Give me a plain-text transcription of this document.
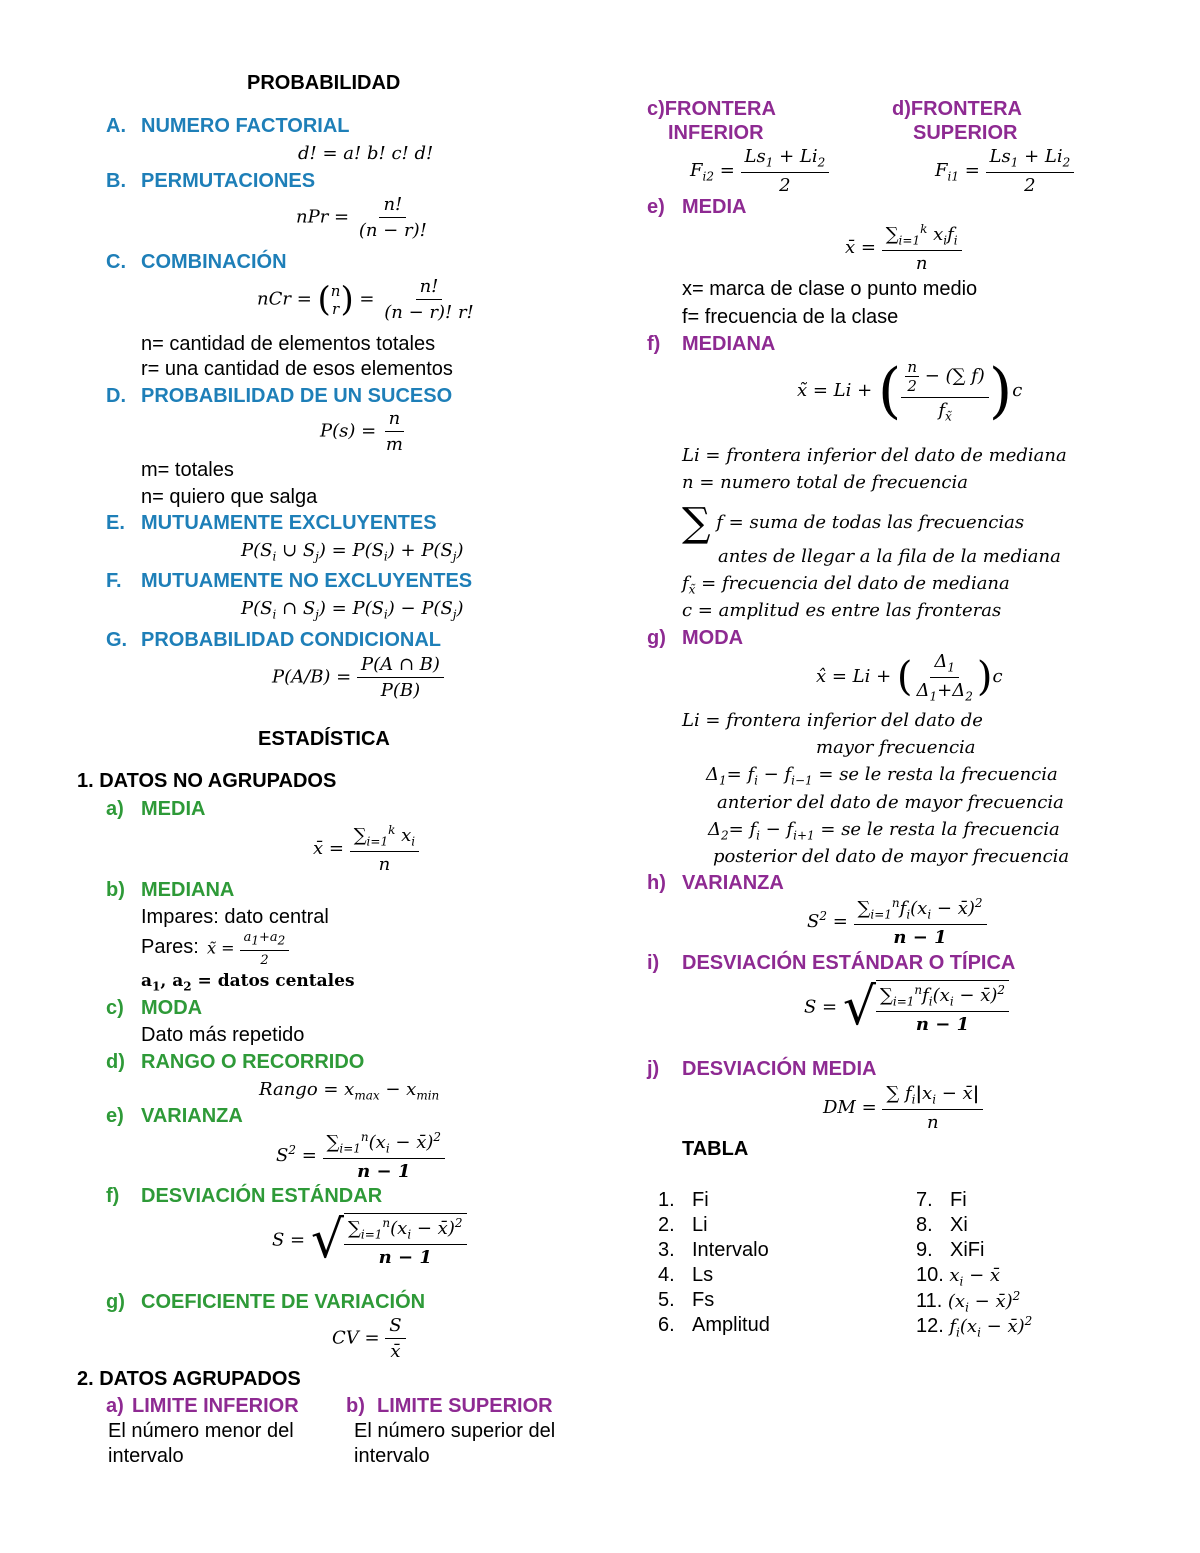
PROBABILIDAD
A. NUMERO FACTORIAL
d! = a! b! c! d!
B. PERMUTACIONES
nPr = $\frac{n!}{(n - r)!}$
C. COMBINACIÓN
nCr = ( n
r ) = $\frac{n!}{(n - r)! r!}$
n= cantidad de elementos totales
r= una cantidad de esos elementos
D. PROBABILIDAD DE UN SUCESO
$P(s) = \frac{n}{m}$
m= totales
n= quiero que salga
E. MUTUAMENTE EXCLUYENTES
$P(S_i$ ∪ $S_j) = P(S_i) + P(S_j)$
F. MUTUAMENTE NO EXCLUYENTES
$P(S_i$ ∩ $S_j) = P(S_i) - P(S_j)$
G. PROBABILIDAD CONDICIONAL
$P(A/B) = \frac{P(A \cap B)}{P(B)}$
ESTADÍSTICA
1. DATOS NO AGRUPADOS
a) MEDIA
x̄ = $\frac{\sum_{i=1}^k x_i}{n}$
b) MEDIANA
Impares: dato central
Pares: x̃ = $\frac{a_1+a_2}{2}$
$a_1$, $a_2$ = datos centales
c) MODA
Dato más repetido
d) RANGO O RECORRIDO
Rango = $x_{max} - x_{min}$
e) VARIANZA
$S^2 = \frac{\sum_{i=1}^n(x_i - x̄)^2}{n - 1}$
f) DESVIACIÓN ESTÁNDAR
S = √ $\frac{\sum_{i=1}^n(x_i - x̄)^2}{n - 1}$
g) COEFICIENTE DE VARIACIÓN
CV = $\frac{S}{x̄}$
2. DATOS AGRUPADOS
a) LIMITE INFERIOR
El número menor del
intervalo
b) LIMITE SUPERIOR
El número superior del
intervalo
c)FRONTERA
INFERIOR
d)FRONTERA
SUPERIOR
$F_{i2} = \frac{Ls_1 + Li_2}{2}$	$F_{i1} = \frac{Ls_1 + Li_2}{2}$
e) MEDIA
x̄ = $\frac{\sum_{i=1}^k x_if_i}{n}$
x= marca de clase o punto medio
f= frecuencia de la clase
f) MEDIANA
x̃ = Li + ( $\frac{\frac{n}{2} - (\sum f)}{f_{x̃}} )c$
Li = frontera inferior del dato de mediana
n = numero total de frecuencia
∑ f = suma de todas las frecuencias
antes de llegar a la fila de la mediana
$f_{x̃}$ = frecuencia del dato de mediana
c = amplitud es entre las fronteras
g) MODA
x̂ = Li + ( $\frac{\Delta_1}{\Delta_1+\Delta_2} )c$
Li = frontera inferior del dato de
mayor frecuencia
$\Delta_1= f_i - f_{i-1}$ = se le resta la frecuencia
anterior del dato de mayor frecuencia
$\Delta_2= f_i - f_{i+1}$ = se le resta la frecuencia
posterior del dato de mayor frecuencia
h) VARIANZA
$S^2 = \frac{\sum_{i=1}^nf_i(x_i - x̄)^2}{n - 1}$
i) DESVIACIÓN ESTÁNDAR O TÍPICA
S = √ $\frac{\sum_{i=1}^nf_i(x_i - x̄)^2}{n - 1}$
j) DESVIACIÓN MEDIA
DM = $\frac{\sum f_i|x_i - x̄|}{n}$
TABLA
1. Fi
2. Li
3. Intervalo
4. Ls
5. Fs
6. Amplitud
7. Fi
8. Xi
9. XiFi
10. $x_i$ − x̄
11. ($x_i$ − x̄)$^2$
12. $f_i(x_i$ − x̄)$^2$
